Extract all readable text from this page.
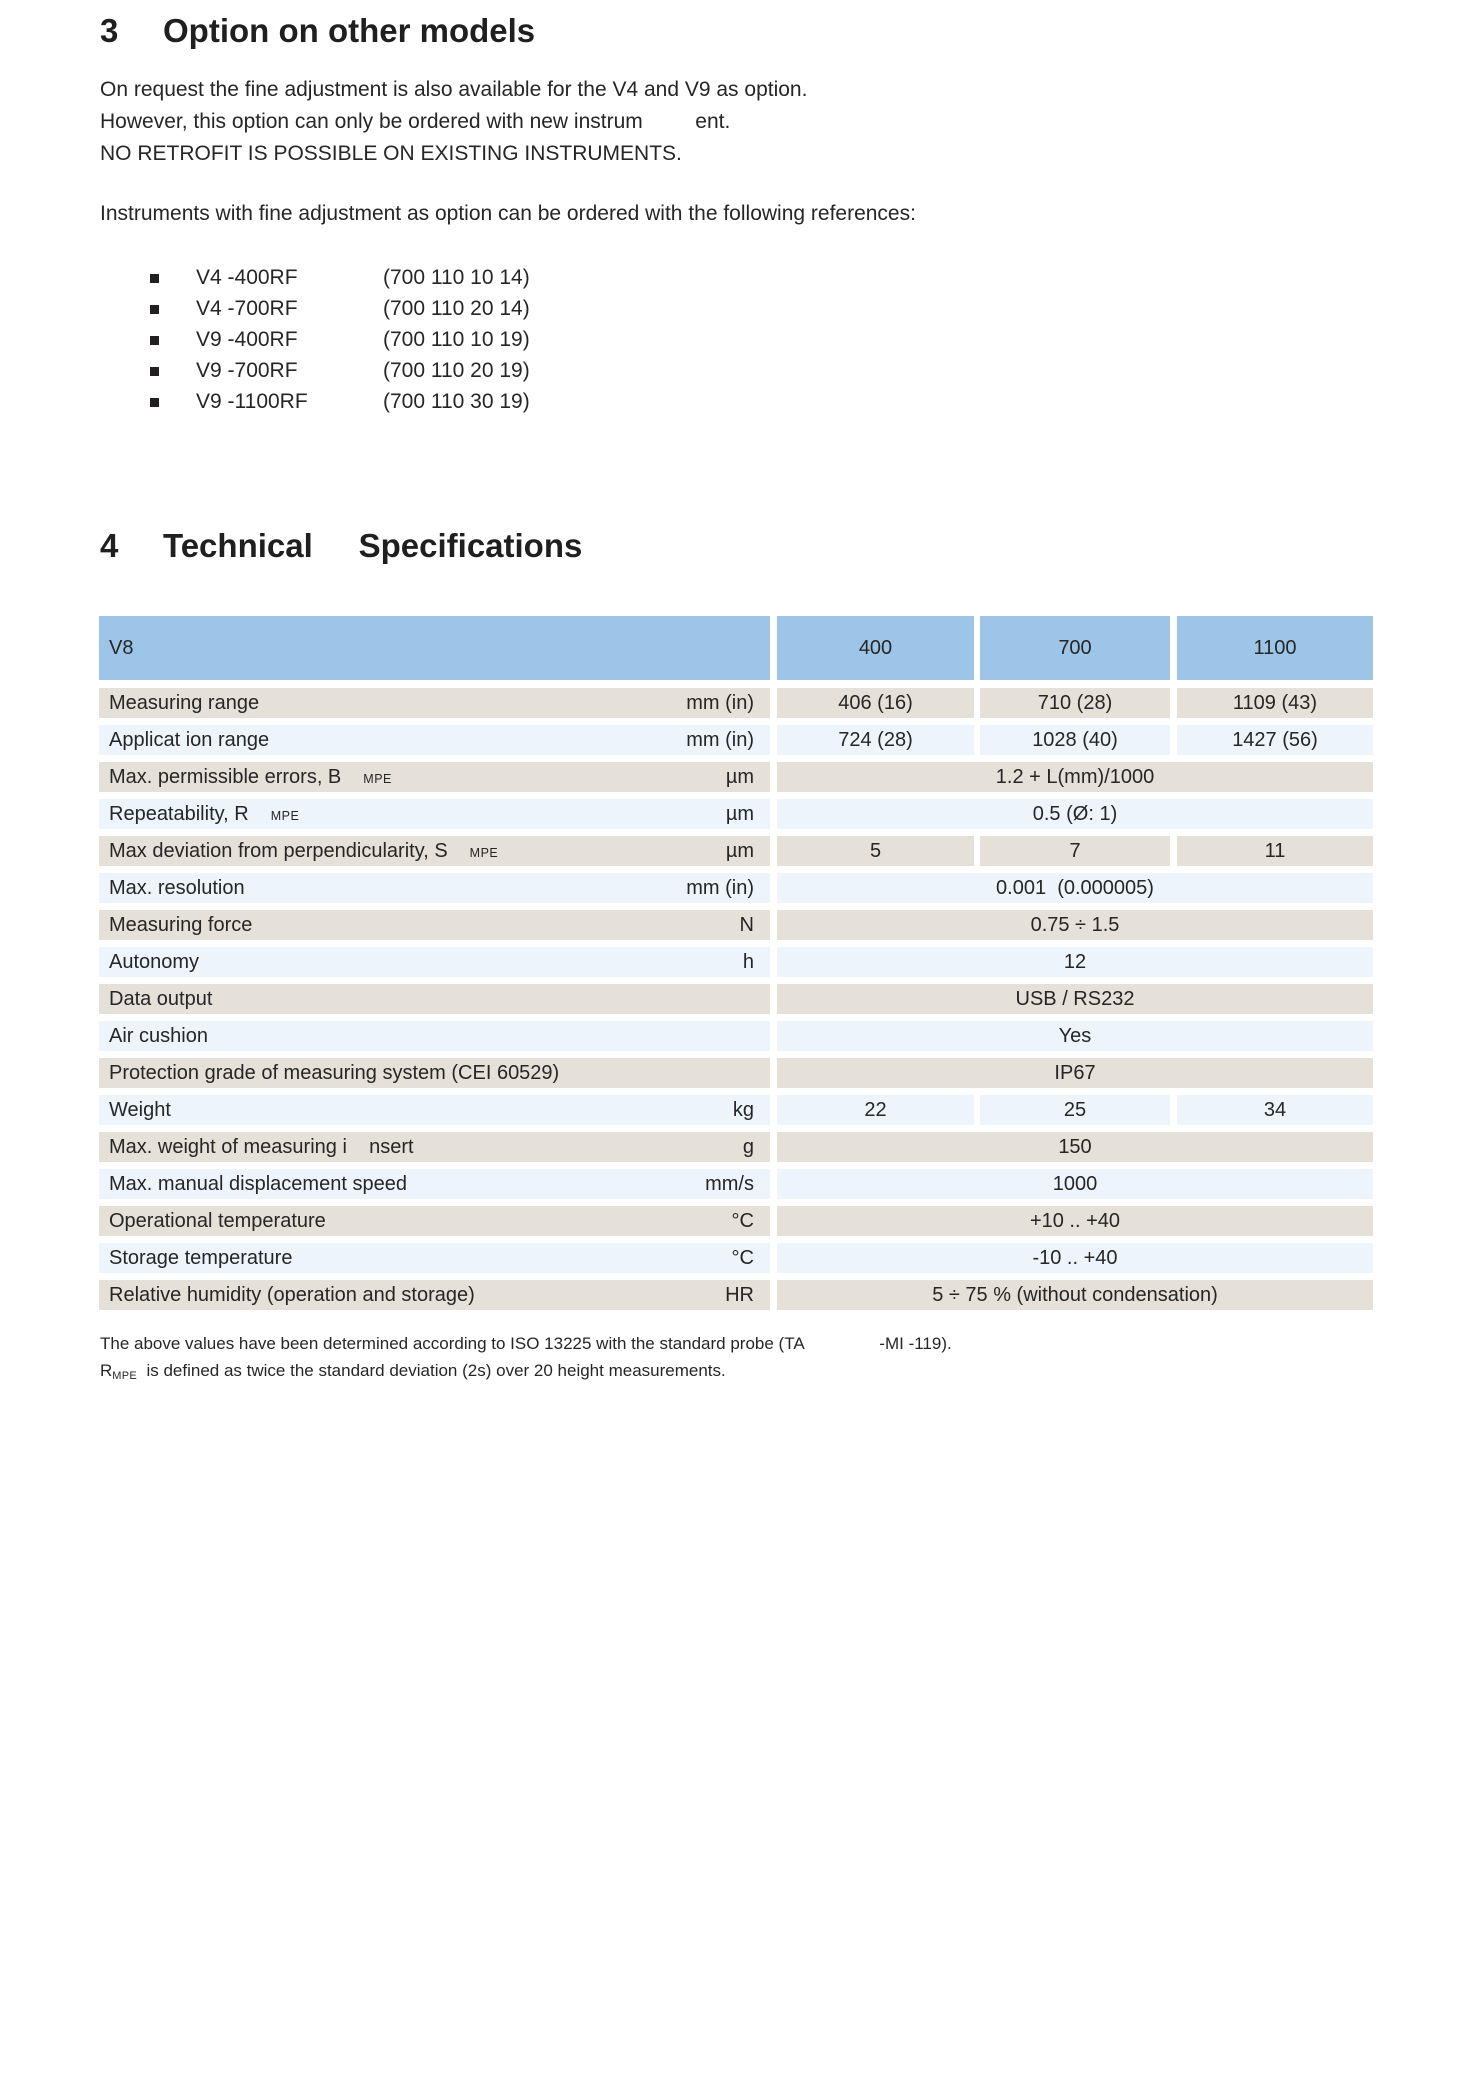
3	Option on other models
On request the fine adjustment is also available for the V4 and V9 as option.
However, this option can only be ordered with new instrum         ent.
NO RETROFIT IS POSSIBLE ON EXISTING INSTRUMENTS.
Instruments with fine adjustment as option can be ordered with the following references:
V4 -400RF	(700 110 10 14)
V4 -700RF	(700 110 20 14)
V9 -400RF	(700 110 10 19)
V9 -700RF	(700 110 20 19)
V9 -1100RF	(700 110 30 19)
4	Technical     Specifications
V8	400	700	1100
Measuring range	mm (in)	406 (16)	710 (28)	1109 (43)
Applicat ion range	mm (in)	724 (28)	1028 (40)	1427 (56)
Max. permissible errors, B MPE	µm	1.2 + L(mm)/1000
Repeatability, R MPE	µm	0.5 (Ø: 1)
Max deviation from perpendicularity, S MPE	µm	5	7	11
Max. resolution	mm (in)	0.001  (0.000005)
Measuring force	N	0.75 ÷ 1.5
Autonomy	h	12
Data output	USB / RS232
Air cushion	Yes
Protection grade of measuring system (CEI 60529)	IP67
Weight	kg	22	25	34
Max. weight of measuring i    nsert	g	150
Max. manual displacement speed	mm/s	1000
Operational temperature	°C	+10 .. +40
Storage temperature	°C	-10 .. +40
Relative humidity (operation and storage)	HR	5 ÷ 75 % (without condensation)
The above values have been determined according to ISO 13225 with the standard probe (TA                -MI -119).
RMPE  is defined as twice the standard deviation (2s) over 20 height measurements.
